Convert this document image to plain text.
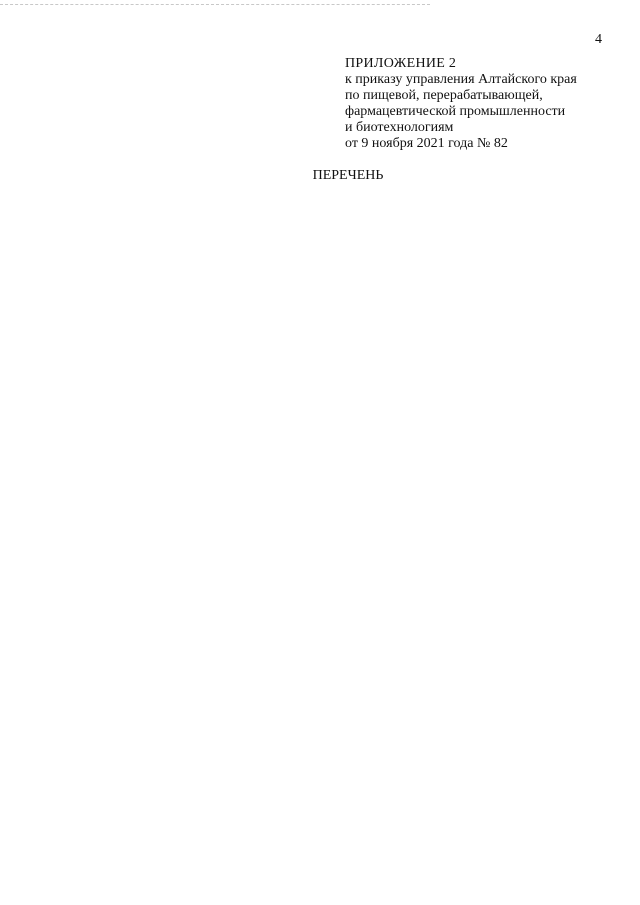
4
ПРИЛОЖЕНИЕ 2
к приказу управления Алтайского края
по пищевой, перерабатывающей,
фармацевтической промышленности
и биотехнологиям
от 9 ноября 2021 года № 82
ПЕРЕЧЕНЬ
